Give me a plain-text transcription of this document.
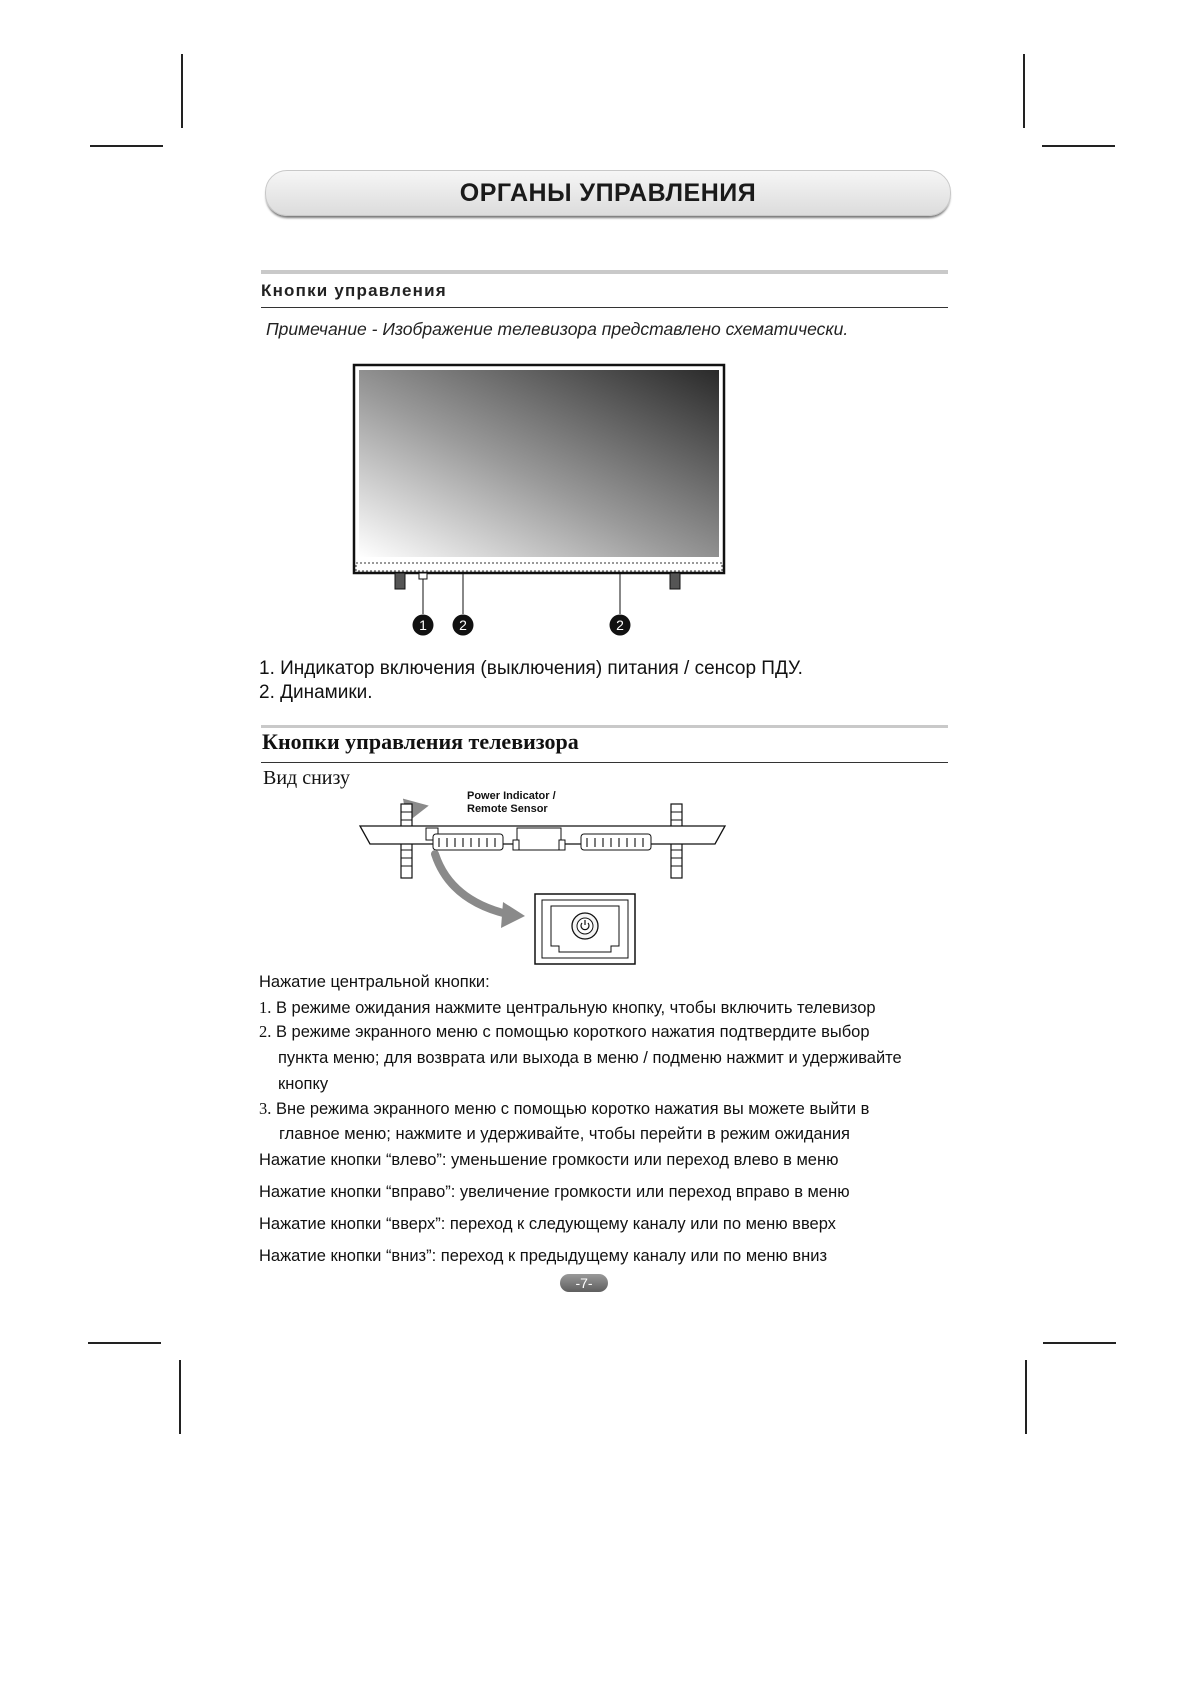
ОРГАНЫ УПРАВЛЕНИЯ
Кнопки управления
Примечание - Изображение телевизора представлено схематически.
1 2	2
1. Индикатор включения (выключения) питания / сенсор ПДУ.
2. Динамики.
Кнопки управления телевизора
Вид снизу
Power Indicator /
Remote Sensor
Нажатие центральной кнопки:
1. В режиме ожидания нажмите центральную кнопку, чтобы включить телевизор
2. В режиме экранного меню с помощью короткого нажатия подтвердите выбор
пункта меню; для возврата или выхода в меню / подменю нажмит и удерживайте
кнопку
3. Вне режима экранного меню с помощью коротко нажатия вы можете выйти в
главное меню; нажмите и удерживайте, чтобы перейти в режим ожидания
Нажатие кнопки “влево”: уменьшение громкости или переход влево в меню
Нажатие кнопки “вправо”: увеличение громкости или переход вправо в меню
Нажатие кнопки “вверх”: переход к следующему каналу или по меню вверх
Нажатие кнопки “вниз”: переход к предыдущему каналу или по меню вниз
-7-
